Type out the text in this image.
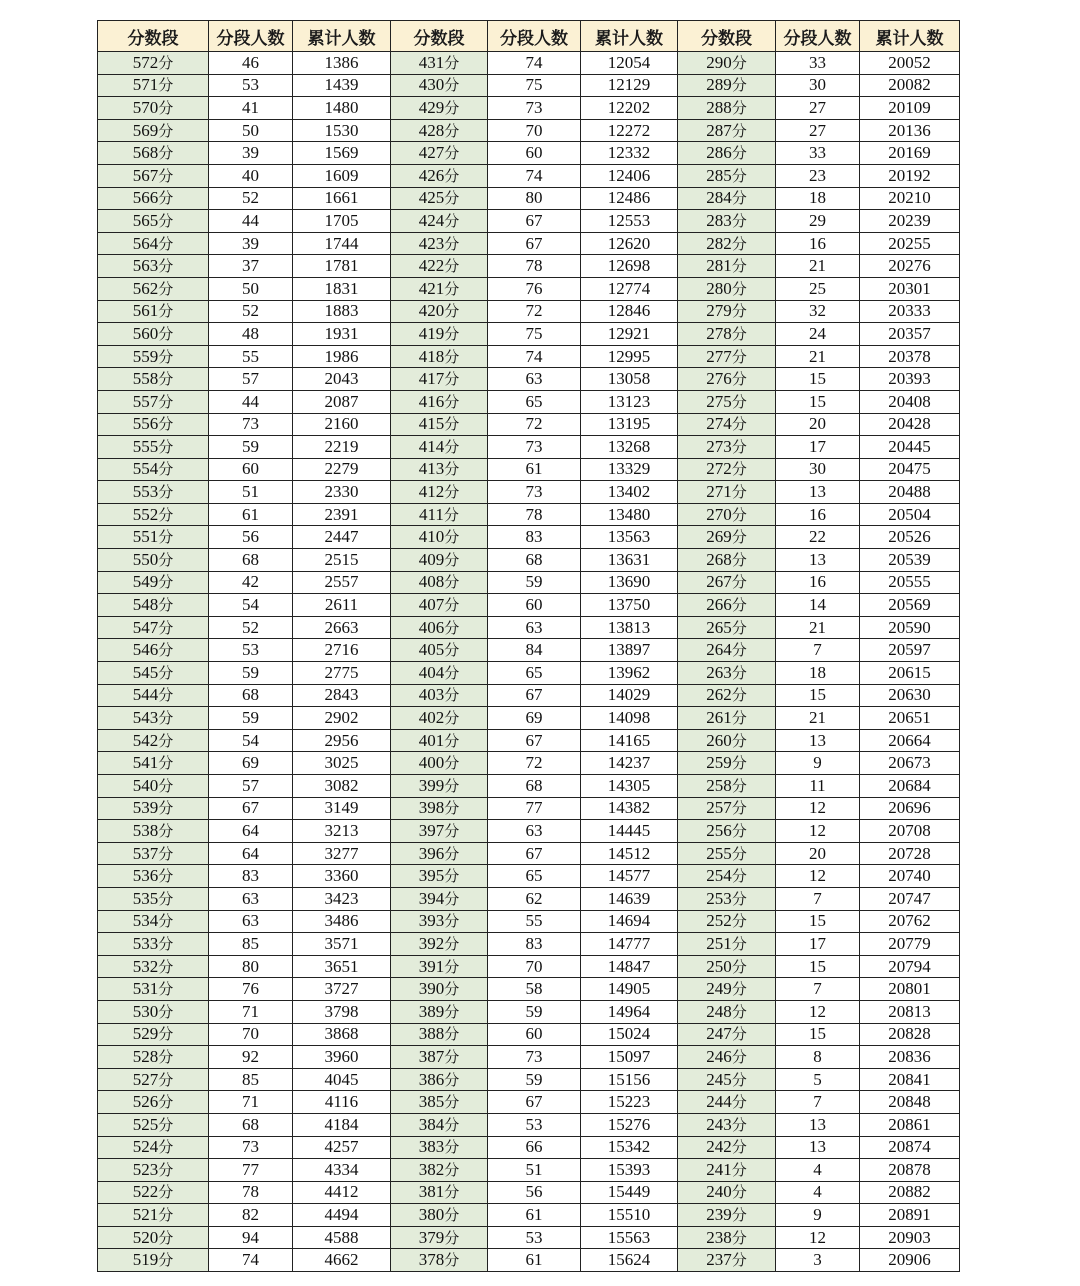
分数段	分段人数	累计人数	分数段	分段人数	累计人数	分数段	分段人数	累计人数
572分	46	1386	431分	74	12054	290分	33	20052
571分	53	1439	430分	75	12129	289分	30	20082
570分	41	1480	429分	73	12202	288分	27	20109
569分	50	1530	428分	70	12272	287分	27	20136
568分	39	1569	427分	60	12332	286分	33	20169
567分	40	1609	426分	74	12406	285分	23	20192
566分	52	1661	425分	80	12486	284分	18	20210
565分	44	1705	424分	67	12553	283分	29	20239
564分	39	1744	423分	67	12620	282分	16	20255
563分	37	1781	422分	78	12698	281分	21	20276
562分	50	1831	421分	76	12774	280分	25	20301
561分	52	1883	420分	72	12846	279分	32	20333
560分	48	1931	419分	75	12921	278分	24	20357
559分	55	1986	418分	74	12995	277分	21	20378
558分	57	2043	417分	63	13058	276分	15	20393
557分	44	2087	416分	65	13123	275分	15	20408
556分	73	2160	415分	72	13195	274分	20	20428
555分	59	2219	414分	73	13268	273分	17	20445
554分	60	2279	413分	61	13329	272分	30	20475
553分	51	2330	412分	73	13402	271分	13	20488
552分	61	2391	411分	78	13480	270分	16	20504
551分	56	2447	410分	83	13563	269分	22	20526
550分	68	2515	409分	68	13631	268分	13	20539
549分	42	2557	408分	59	13690	267分	16	20555
548分	54	2611	407分	60	13750	266分	14	20569
547分	52	2663	406分	63	13813	265分	21	20590
546分	53	2716	405分	84	13897	264分	7	20597
545分	59	2775	404分	65	13962	263分	18	20615
544分	68	2843	403分	67	14029	262分	15	20630
543分	59	2902	402分	69	14098	261分	21	20651
542分	54	2956	401分	67	14165	260分	13	20664
541分	69	3025	400分	72	14237	259分	9	20673
540分	57	3082	399分	68	14305	258分	11	20684
539分	67	3149	398分	77	14382	257分	12	20696
538分	64	3213	397分	63	14445	256分	12	20708
537分	64	3277	396分	67	14512	255分	20	20728
536分	83	3360	395分	65	14577	254分	12	20740
535分	63	3423	394分	62	14639	253分	7	20747
534分	63	3486	393分	55	14694	252分	15	20762
533分	85	3571	392分	83	14777	251分	17	20779
532分	80	3651	391分	70	14847	250分	15	20794
531分	76	3727	390分	58	14905	249分	7	20801
530分	71	3798	389分	59	14964	248分	12	20813
529分	70	3868	388分	60	15024	247分	15	20828
528分	92	3960	387分	73	15097	246分	8	20836
527分	85	4045	386分	59	15156	245分	5	20841
526分	71	4116	385分	67	15223	244分	7	20848
525分	68	4184	384分	53	15276	243分	13	20861
524分	73	4257	383分	66	15342	242分	13	20874
523分	77	4334	382分	51	15393	241分	4	20878
522分	78	4412	381分	56	15449	240分	4	20882
521分	82	4494	380分	61	15510	239分	9	20891
520分	94	4588	379分	53	15563	238分	12	20903
519分	74	4662	378分	61	15624	237分	3	20906
